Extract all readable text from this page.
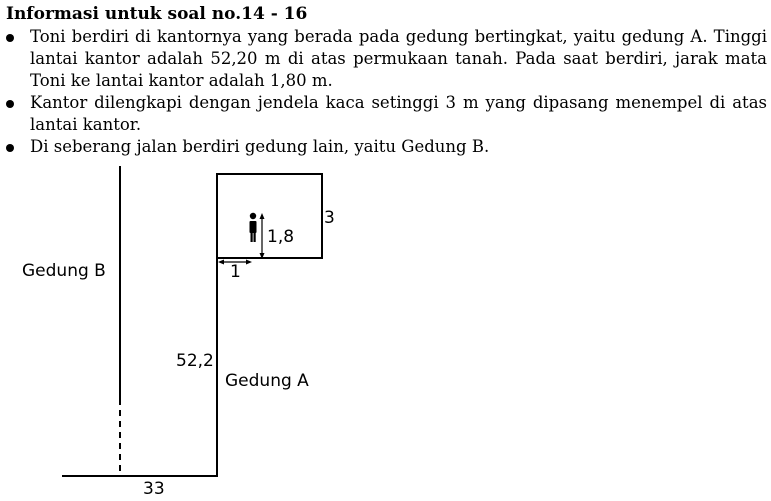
Informasi untuk soal no.14 - 16
Toni berdiri di kantornya yang berada pada gedung bertingkat, yaitu gedung A. Tinggi lantai kantor adalah 52,20 m di atas permukaan tanah. Pada saat berdiri, jarak mata Toni ke lantai kantor adalah 1,80 m.
Kantor dilengkapi dengan jendela kaca setinggi 3 m yang dipasang menempel di atas lantai kantor.
Di seberang jalan berdiri gedung lain, yaitu Gedung B.
Gedung B
Gedung A
52,2
3
1,8
1
33
